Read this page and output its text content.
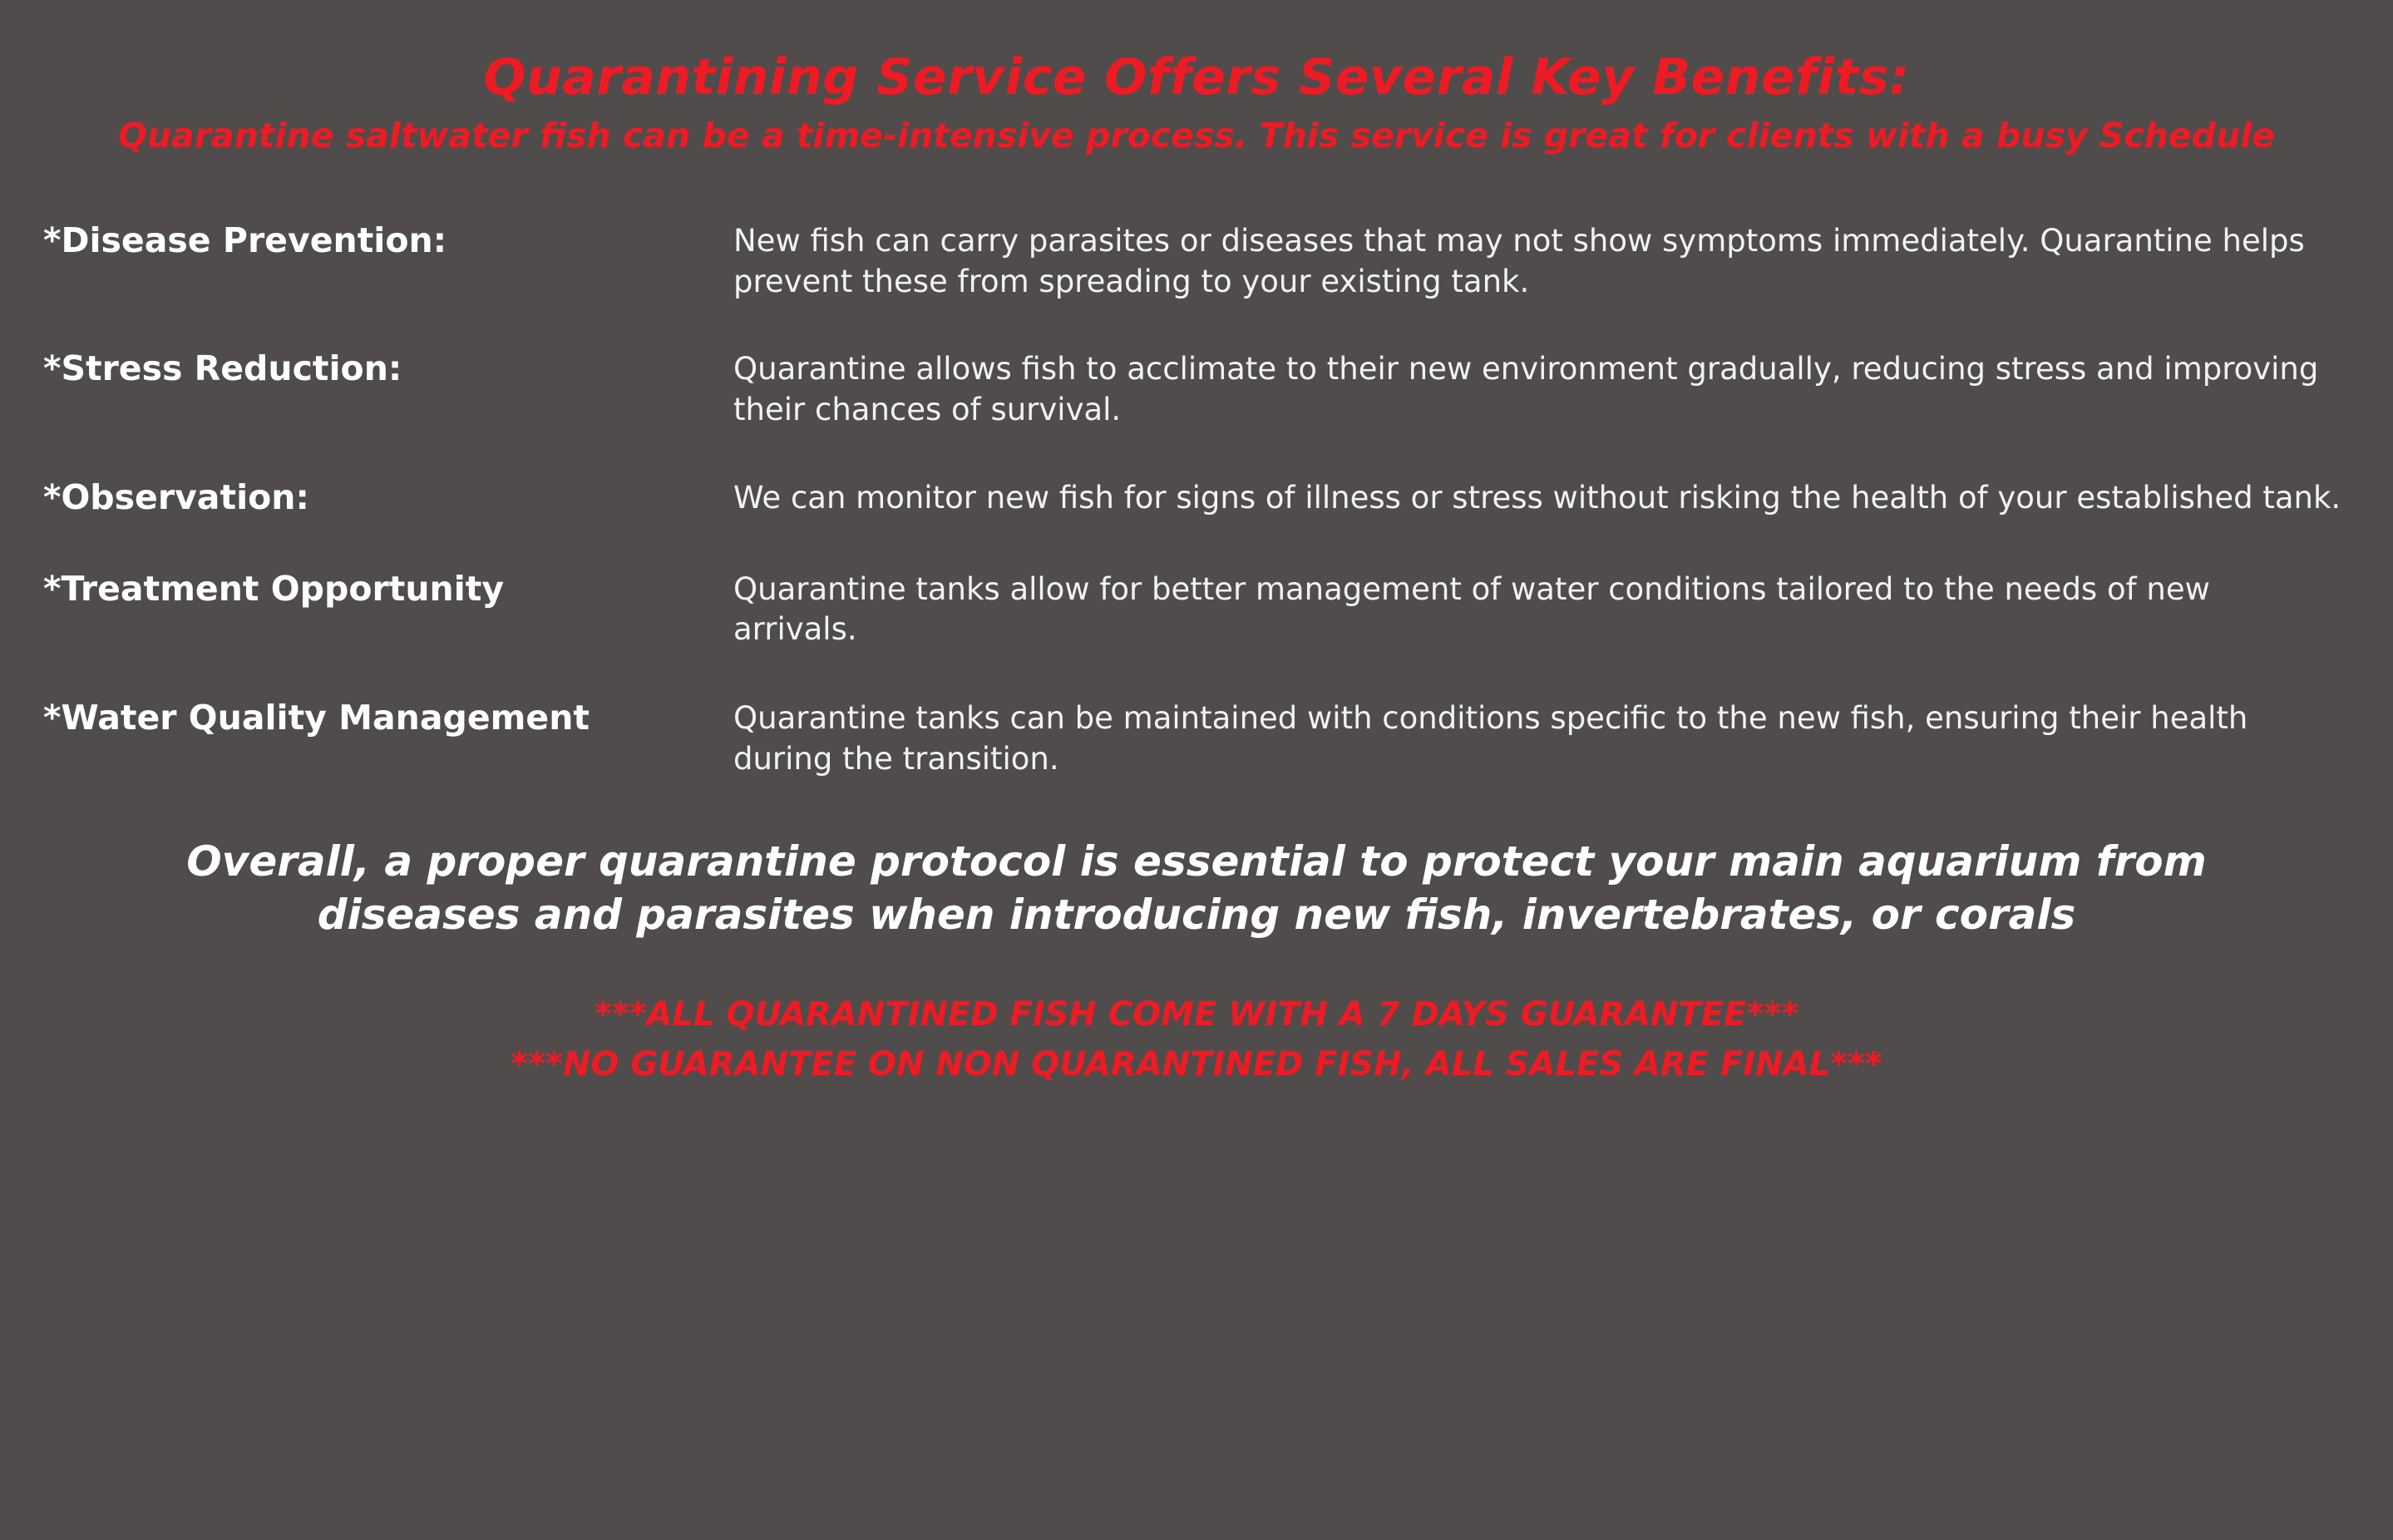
Quarantining Service Offers Several Key Benefits:
Quarantine saltwater fish can be a time-intensive process. This service is great for clients with a busy Schedule
*Disease Prevention:	New fish can carry parasites or diseases that may not show symptoms immediately. Quarantine helps prevent these from spreading to your existing tank.
*Stress Reduction:	Quarantine allows fish to acclimate to their new environment gradually, reducing stress and improving their chances of survival.
*Observation:	We can monitor new fish for signs of illness or stress without risking the health of your established tank.
*Treatment Opportunity	Quarantine tanks allow for better management of water conditions tailored to the needs of new arrivals.
*Water Quality Management	Quarantine tanks can be maintained with conditions specific to the new fish, ensuring their health during the transition.
Overall, a proper quarantine protocol is essential to protect your main aquarium from diseases and parasites when introducing new fish, invertebrates, or corals
***ALL QUARANTINED FISH COME WITH A 7 DAYS GUARANTEE***
***NO GUARANTEE ON NON QUARANTINED FISH, ALL SALES ARE FINAL***
